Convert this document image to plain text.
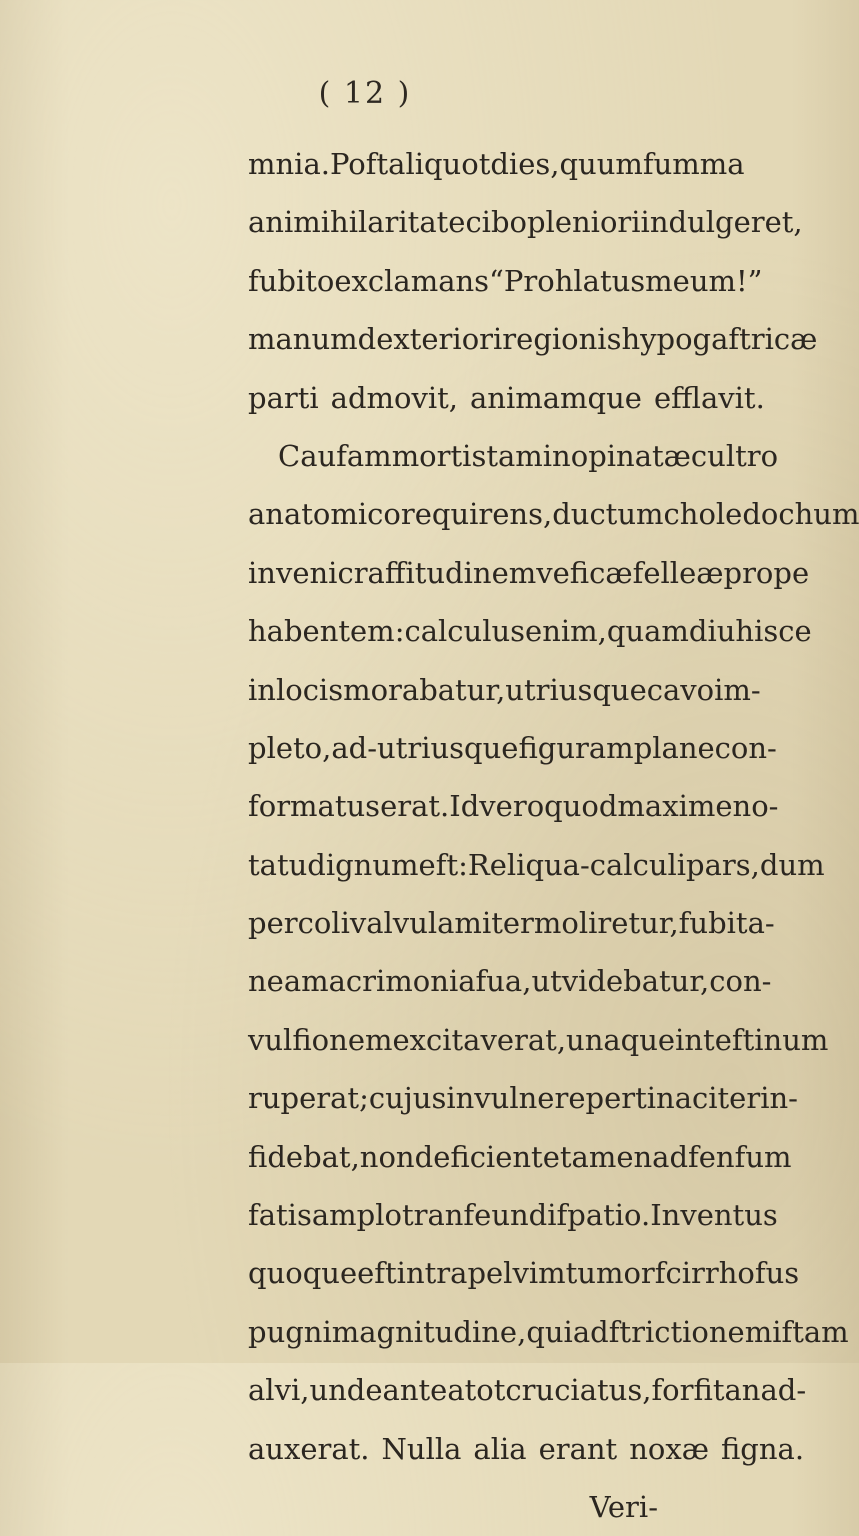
( 12 )
mnia. Poft aliquot dies, quum fumma
animi hilaritate cibo pleniori indulgeret,
fubito exclamans “ Proh latus meum !”
manum dexteriori regionis hypogaftricæ
parti admovit, animamque efflavit.
Caufam mortis tam inopinatæ cultro
anatomico requirens, ductum choledochum
inveni craffitudinem veficæ felleæ prope
habentem : calculus enim, quamdiu hisce
in locis morabatur, utriusque cavo im-
pleto, ad-utriusque figuram plane con-
formatus erat. Id vero quod maxime no-
tatu dignum eft : Reliqua-calculi pars, dum
per coli valvulam iter moliretur, fubita-
neam acrimonia fua, ut videbatur, con-
vulfionem excitaverat, unaque inteftinum
ruperat ; cujus in vulnere pertinaciter in-
fidebat, non deficiente tamen ad fenfum
fatis amplo tranfeundi fpatio. Inventus
quoque eft intra pelvim tumor fcirrhofus
pugni magnitudine, qui adftrictionem iftam
alvi, unde antea tot cruciatus, forfitan ad-
auxerat. Nulla alia erant noxæ figna.
Veri-
